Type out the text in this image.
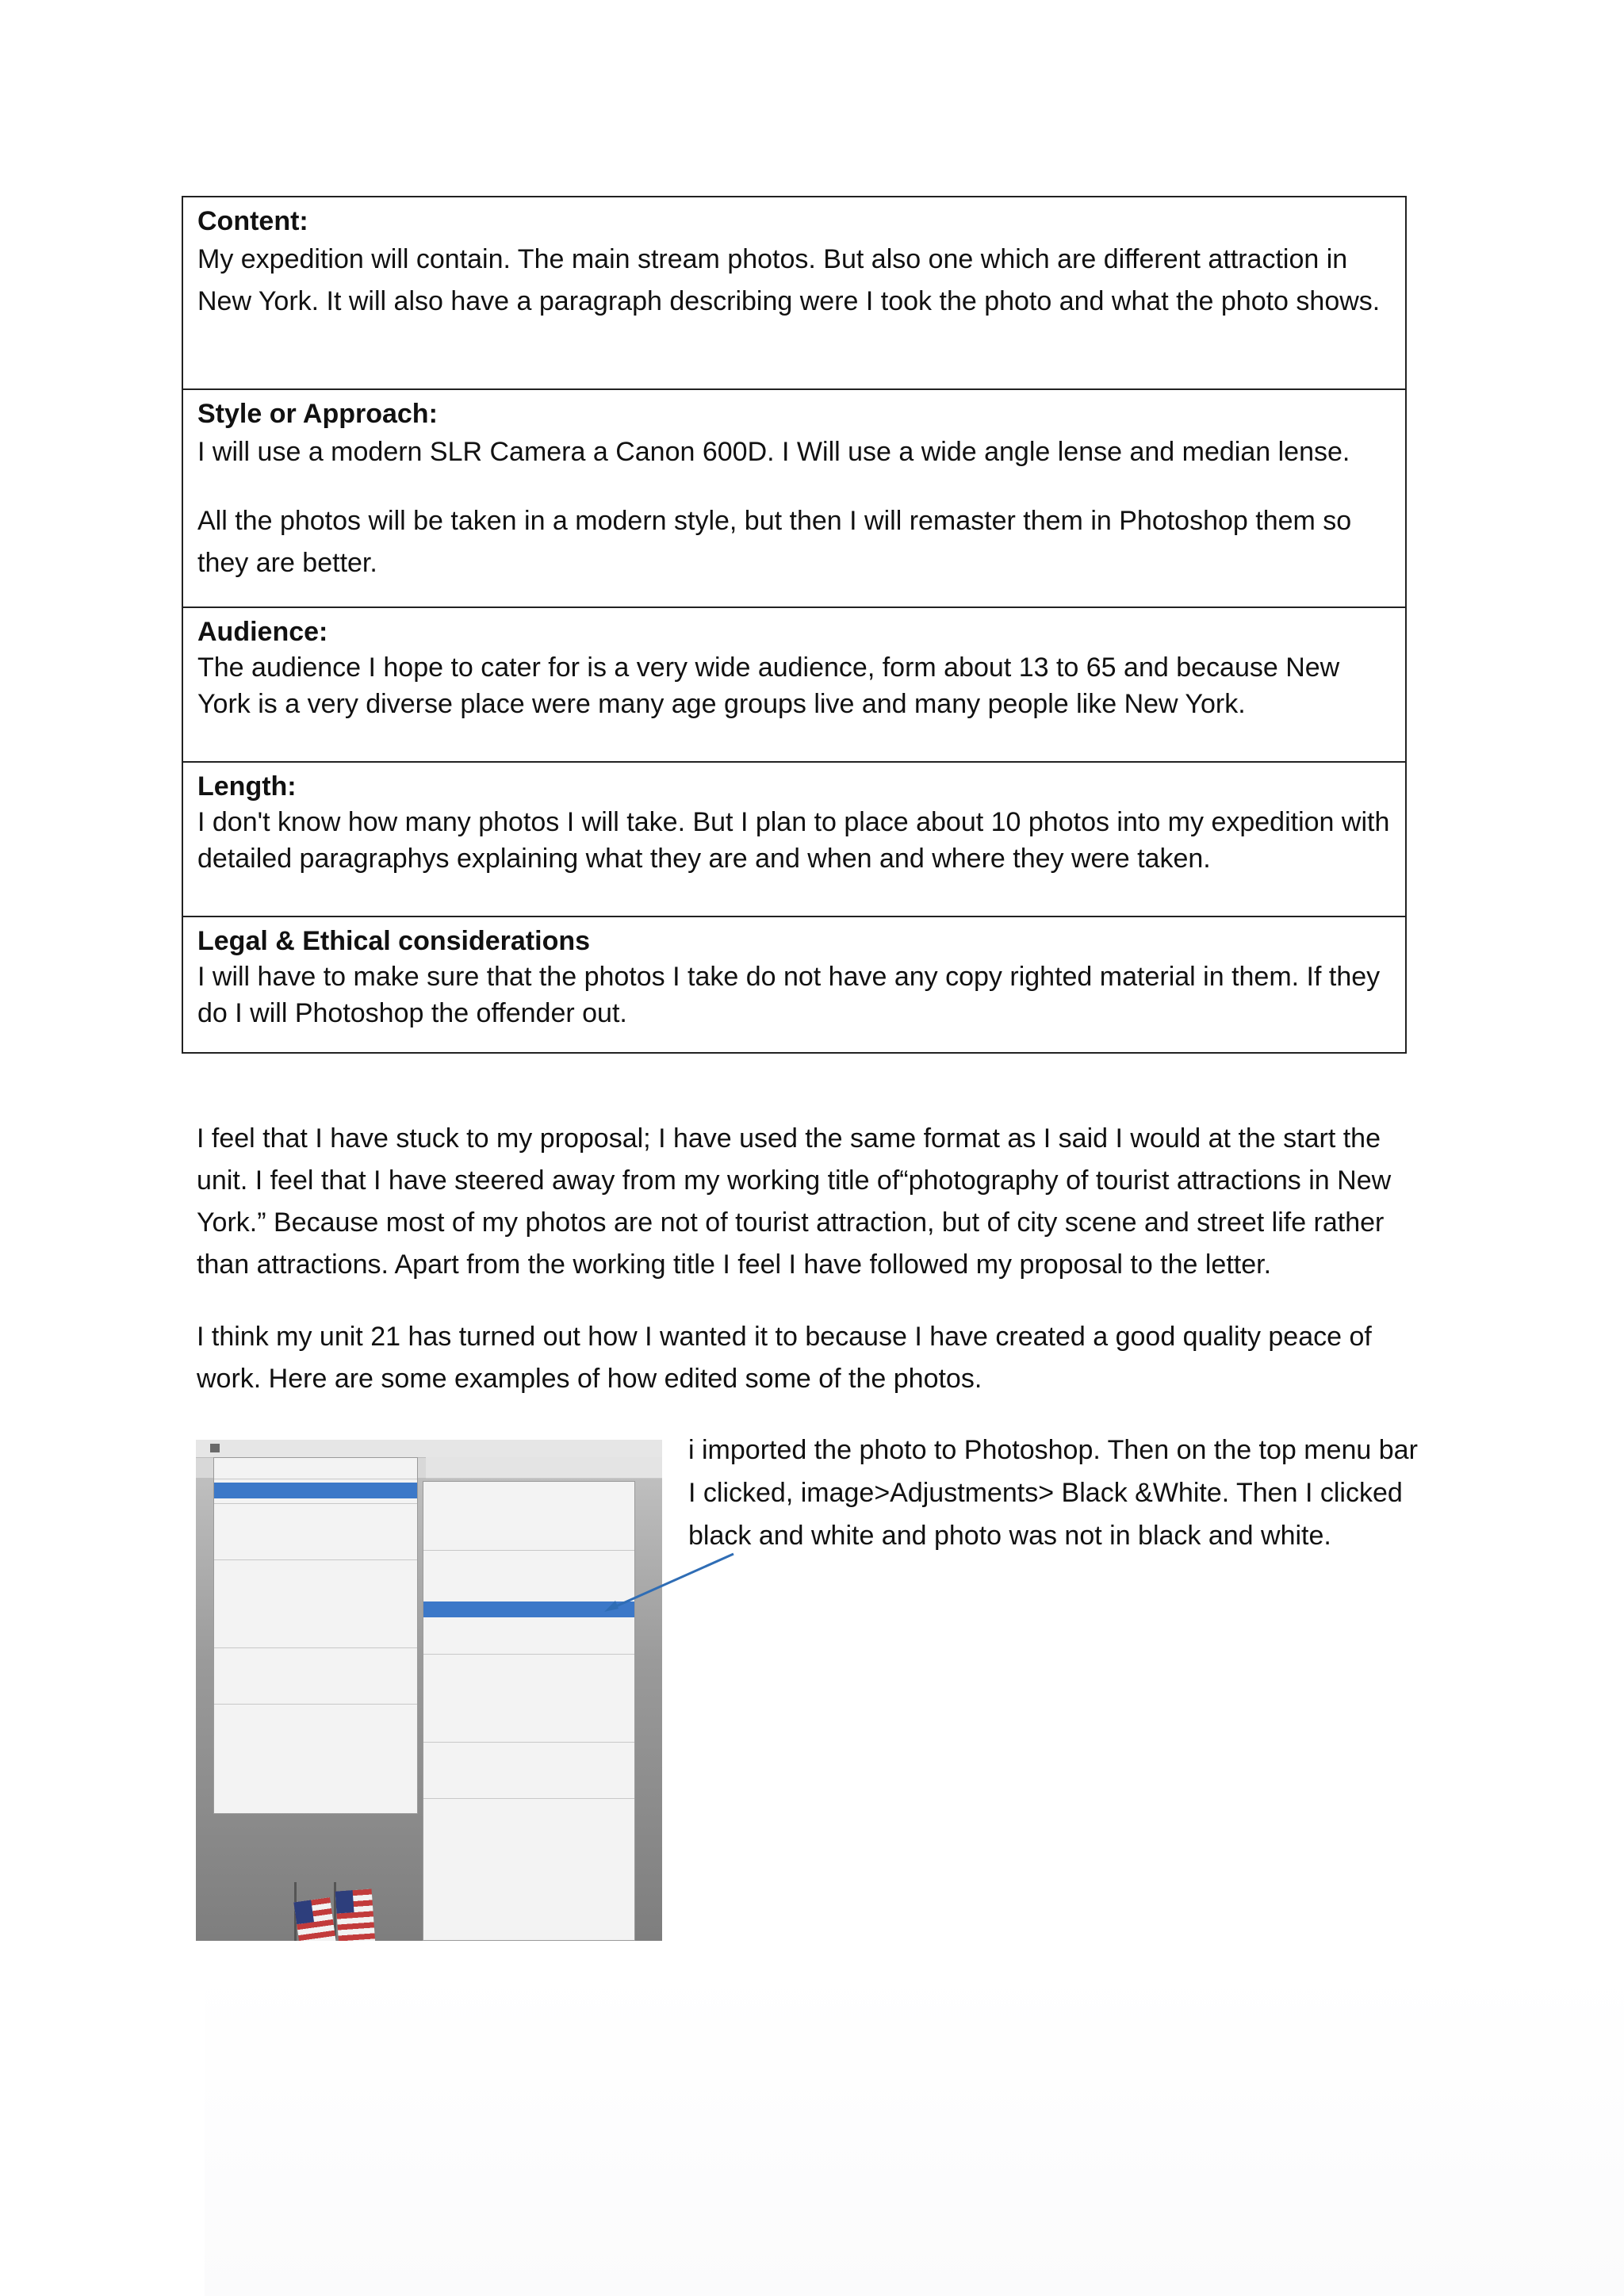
Content:
My expedition will contain. The main stream photos. But also one which are different attraction in New York. It will also have a paragraph describing were I took the photo and what the photo shows.
Style or Approach:
I will use a modern SLR Camera a Canon 600D. I Will use a wide angle lense and median lense.
All the photos will be taken in a modern style, but then I will remaster them in Photoshop them so they are better.
Audience:
The audience I hope to cater for is a very wide audience, form about 13 to 65 and because New York is a very diverse place were many age groups live and many people like New York.
Length:
I don't know how many photos I will take. But I plan to place about 10 photos into my expedition with detailed paragraphys explaining what they are and when and where they were taken.
Legal & Ethical considerations
I will have to make sure that the photos I take do not have any copy righted material in them. If they do I will Photoshop the offender out.

I feel that I have stuck to my proposal; I have used the same format as I said I would at the start the unit. I feel that I have steered away from my working title of“photography of tourist attractions in New York.” Because most of my photos are not of tourist attraction, but of city scene and street life rather than attractions. Apart from the working title I feel I have followed my proposal to the letter.

I think my unit 21 has turned out how I wanted it to because I have created a good quality peace of work. Here are some examples of how edited some of the photos.

i imported the photo to Photoshop. Then on the top menu bar I clicked, image>Adjustments> Black &White. Then I clicked black and white and photo was not in black and white.
